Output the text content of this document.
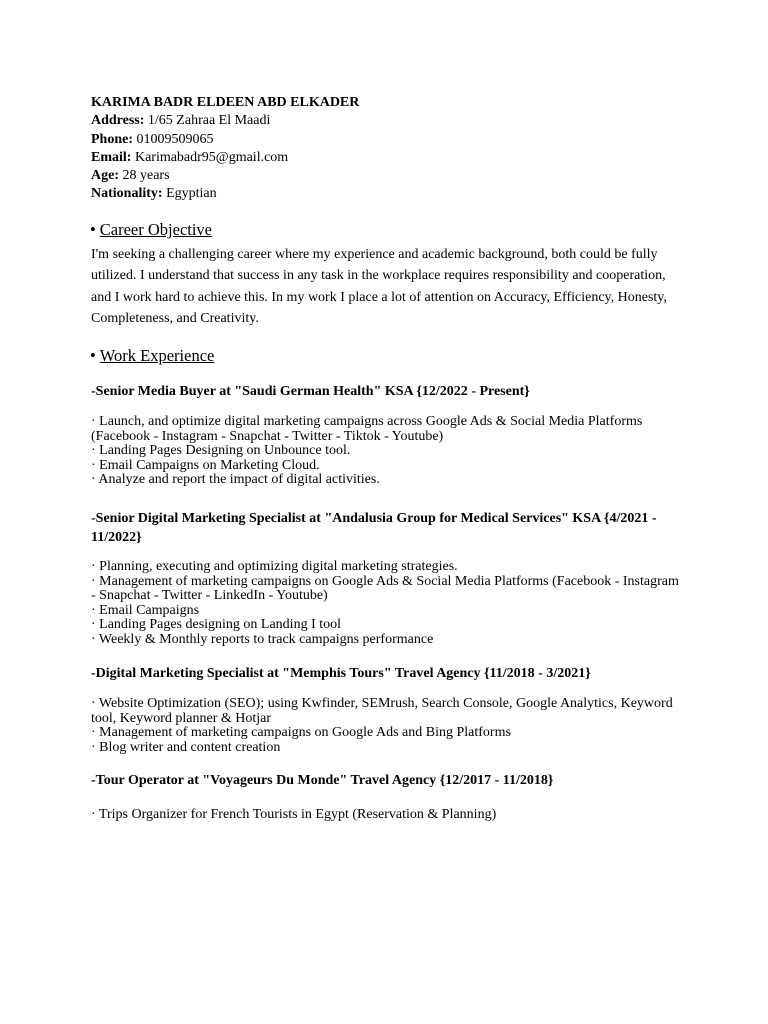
KARIMA BADR ELDEEN ABD ELKADER
Address: 1/65 Zahraa El Maadi
Phone: 01009509065
Email: Karimabadr95@gmail.com
Age: 28 years
Nationality: Egyptian
• Career Objective
I'm seeking a challenging career where my experience and academic background, both could be fully utilized. I understand that success in any task in the workplace requires responsibility and cooperation, and I work hard to achieve this. In my work I place a lot of attention on Accuracy, Efficiency, Honesty, Completeness, and Creativity.
• Work Experience
-Senior Media Buyer at "Saudi German Health" KSA {12/2022 - Present}
· Launch, and optimize digital marketing campaigns across Google Ads & Social Media Platforms (Facebook - Instagram - Snapchat - Twitter - Tiktok - Youtube)
· Landing Pages Designing on Unbounce tool.
· Email Campaigns on Marketing Cloud.
· Analyze and report the impact of digital activities.
-Senior Digital Marketing Specialist at "Andalusia Group for Medical Services" KSA {4/2021 - 11/2022}
· Planning, executing and optimizing digital marketing strategies.
· Management of marketing campaigns on Google Ads & Social Media Platforms (Facebook - Instagram - Snapchat - Twitter - LinkedIn - Youtube)
· Email Campaigns
· Landing Pages designing on Landing I tool
· Weekly & Monthly reports to track campaigns performance
-Digital Marketing Specialist at "Memphis Tours" Travel Agency {11/2018 - 3/2021}
· Website Optimization (SEO); using Kwfinder, SEMrush, Search Console, Google Analytics, Keyword tool, Keyword planner & Hotjar
· Management of marketing campaigns on Google Ads and Bing Platforms
· Blog writer and content creation
-Tour Operator at "Voyageurs Du Monde" Travel Agency {12/2017 - 11/2018}
· Trips Organizer for French Tourists in Egypt (Reservation & Planning)
